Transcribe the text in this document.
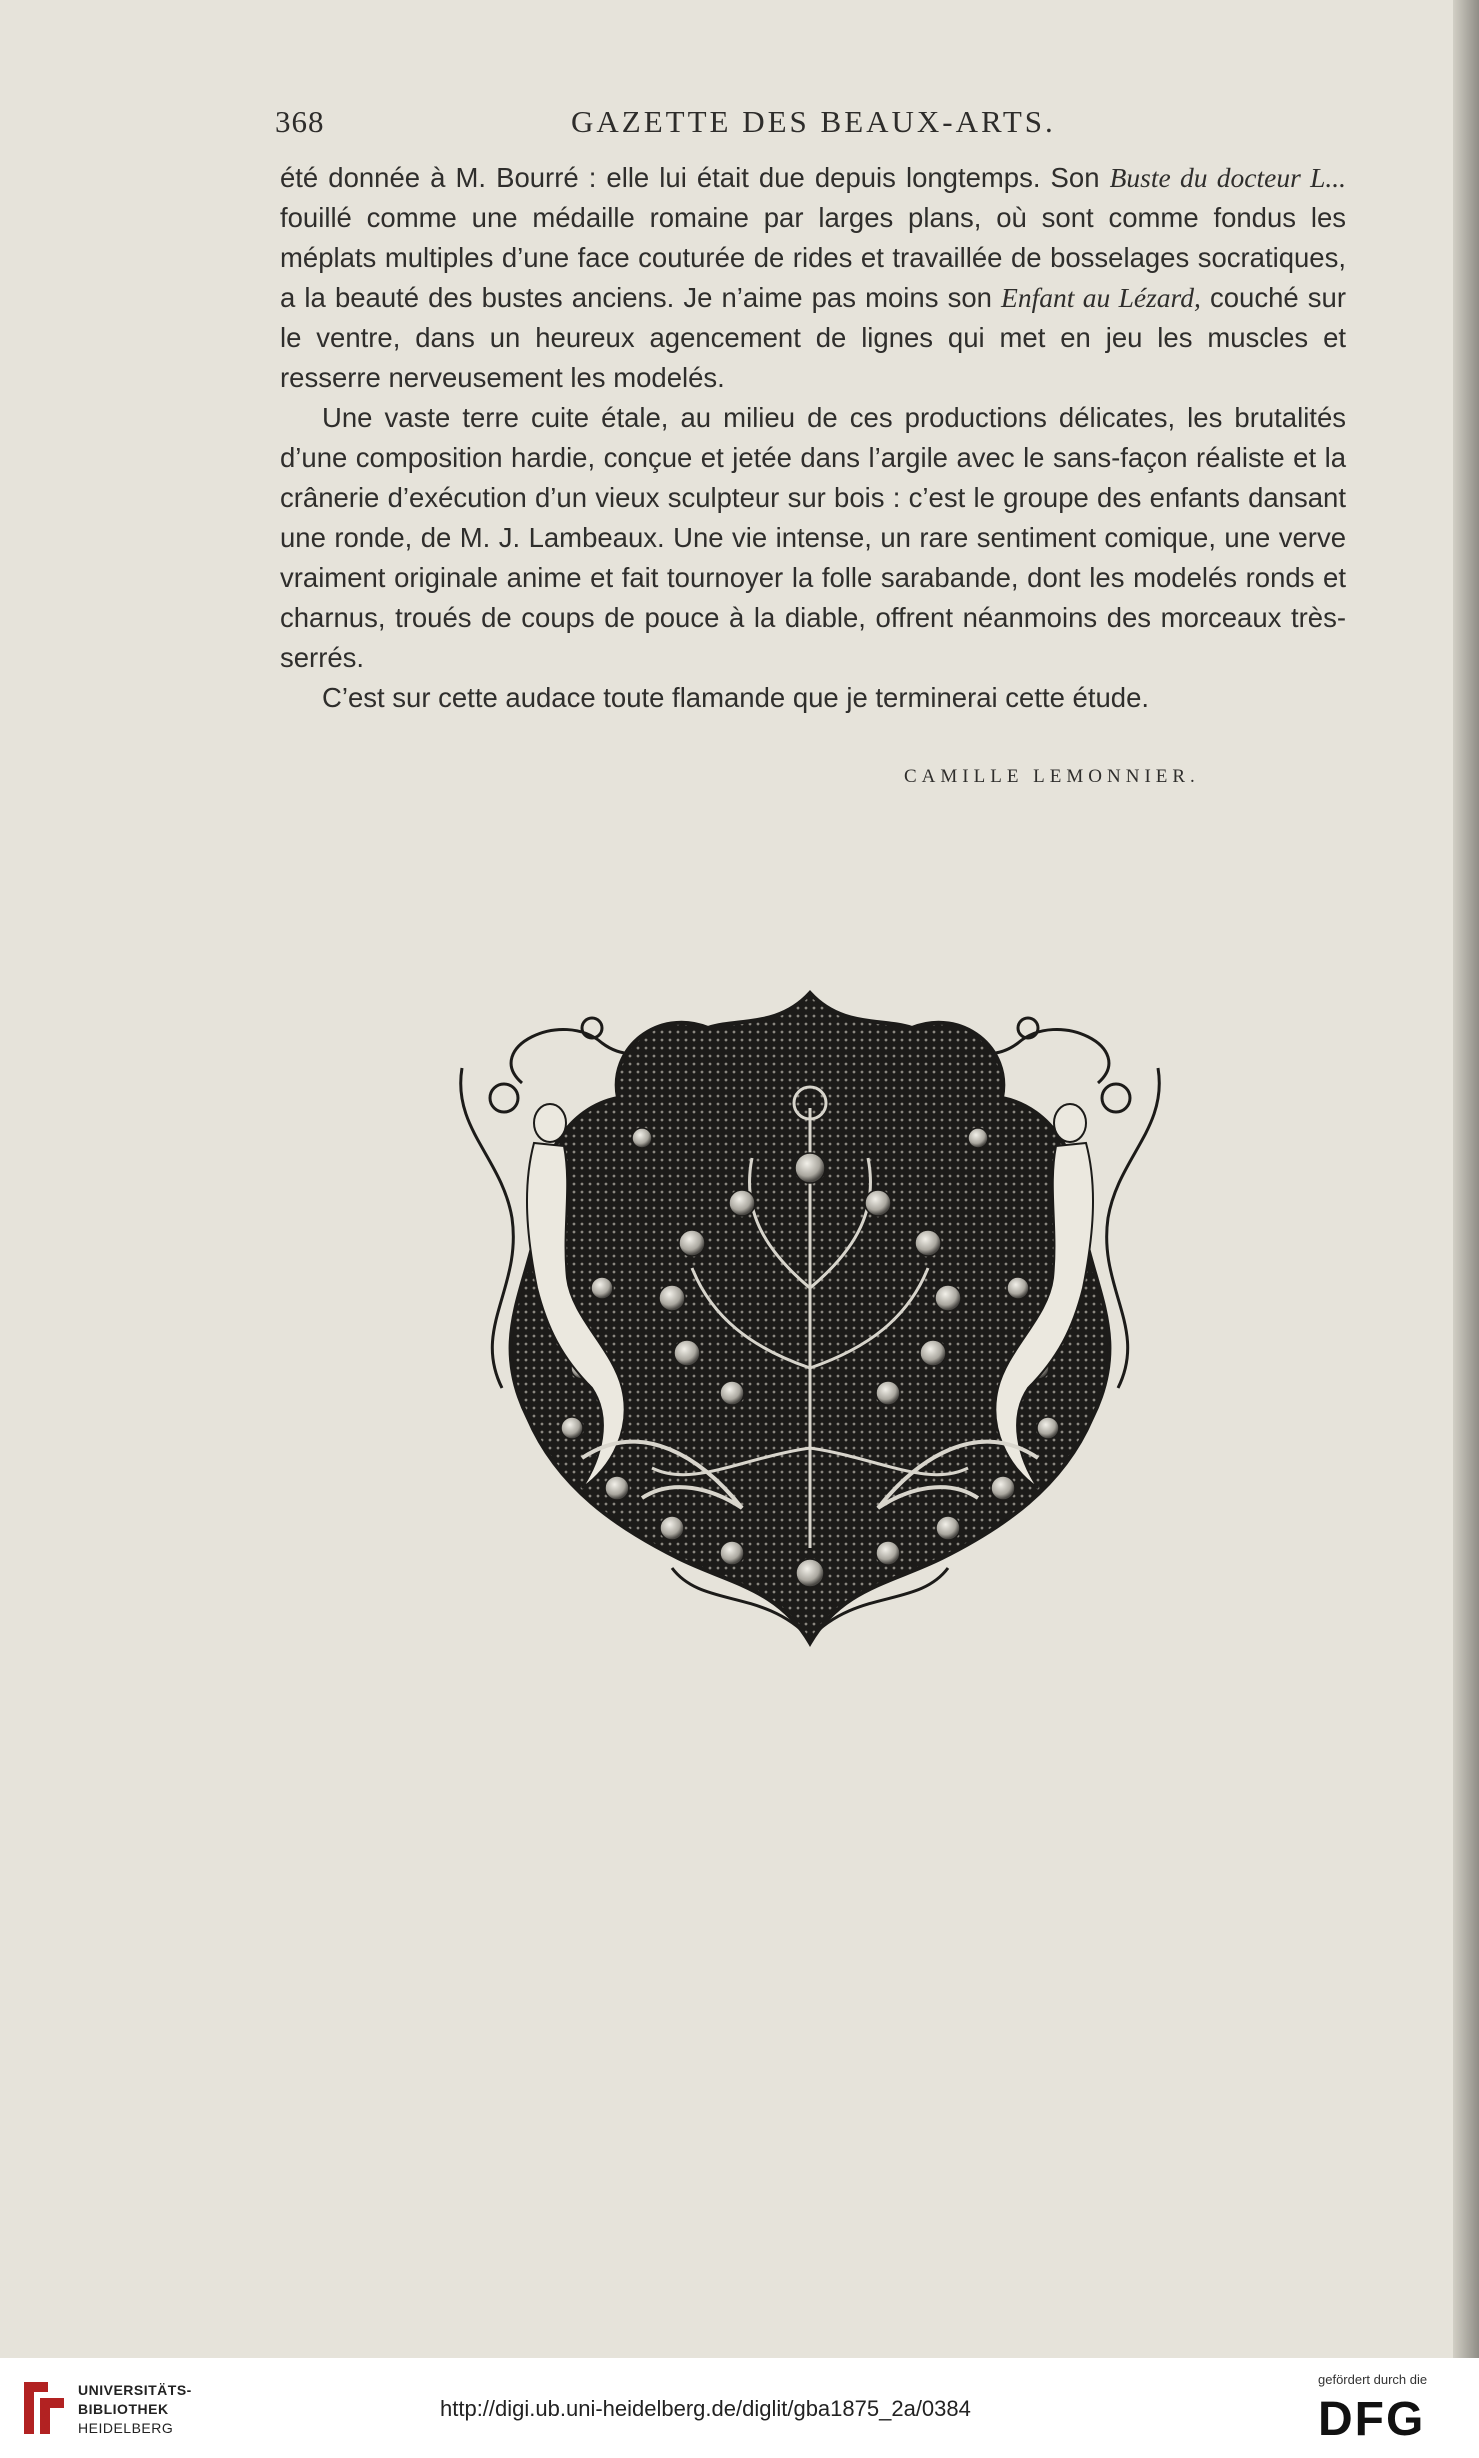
368	GAZETTE DES BEAUX-ARTS.

été donnée à M. Bourré : elle lui était due depuis longtemps. Son Buste du docteur L... fouillé comme une médaille romaine par larges plans, où sont comme fondus les méplats multiples d’une face couturée de rides et travaillée de bosselages socratiques, a la beauté des bustes anciens. Je n’aime pas moins son Enfant au Lézard, couché sur le ventre, dans un heureux agencement de lignes qui met en jeu les muscles et resserre nerveusement les modelés.

Une vaste terre cuite étale, au milieu de ces productions délicates, les brutalités d’une composition hardie, conçue et jetée dans l’argile avec le sans-façon réaliste et la crânerie d’exécution d’un vieux sculpteur sur bois : c’est le groupe des enfants dansant une ronde, de M. J. Lambeaux. Une vie intense, un rare sentiment comique, une verve vraiment originale anime et fait tournoyer la folle sarabande, dont les modelés ronds et charnus, troués de coups de pouce à la diable, offrent néanmoins des morceaux très-serrés.

C’est sur cette audace toute flamande que je terminerai cette étude.

CAMILLE LEMONNIER.
UNIVERSITÄTS-
BIBLIOTHEK
HEIDELBERG
http://digi.ub.uni-heidelberg.de/diglit/gba1875_2a/0384
gefördert durch die
DFG
